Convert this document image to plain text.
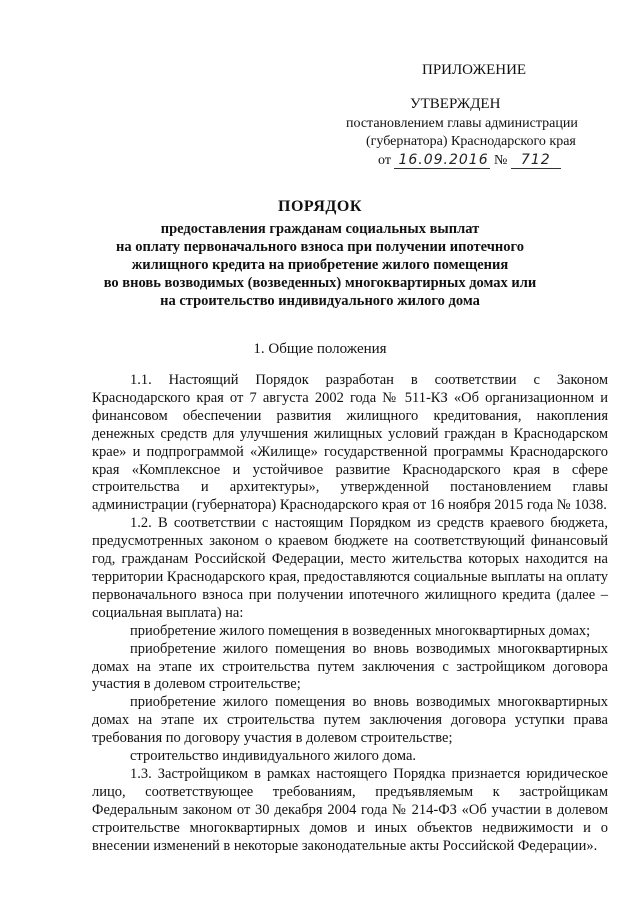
ПРИЛОЖЕНИЕ
УТВЕРЖДЕН
постановлением главы администрации
(губернатора) Краснодарского края
от 16.09.2016 № 712
ПОРЯДОК
предоставления гражданам социальных выплат
на оплату первоначального взноса при получении ипотечного
жилищного кредита на приобретение жилого помещения
во вновь возводимых (возведенных) многоквартирных домах или
на строительство индивидуального жилого дома
1. Общие положения

1.1. Настоящий Порядок разработан в соответствии с Законом Краснодарского края от 7 августа 2002 года № 511-КЗ «Об организационном и финансовом обеспечении развития жилищного кредитования, накопления денежных средств для улучшения жилищных условий граждан в Краснодарском крае» и подпрограммой «Жилище» государственной программы Краснодарского края «Комплексное и устойчивое развитие Краснодарского края в сфере строительства и архитектуры», утвержденной постановлением главы администрации (губернатора) Краснодарского края от 16 ноября 2015 года № 1038.

1.2. В соответствии с настоящим Порядком из средств краевого бюджета, предусмотренных законом о краевом бюджете на соответствующий финансовый год, гражданам Российской Федерации, место жительства которых находится на территории Краснодарского края, предоставляются социальные выплаты на оплату первоначального взноса при получении ипотечного жилищного кредита (далее – социальная выплата) на:

приобретение жилого помещения в возведенных многоквартирных домах;

приобретение жилого помещения во вновь возводимых многоквартирных домах на этапе их строительства путем заключения с застройщиком договора участия в долевом строительстве;

приобретение жилого помещения во вновь возводимых многоквартирных домах на этапе их строительства путем заключения договора уступки права требования по договору участия в долевом строительстве;

строительство индивидуального жилого дома.

1.3. Застройщиком в рамках настоящего Порядка признается юридическое лицо, соответствующее требованиям, предъявляемым к застройщикам Федеральным законом от 30 декабря 2004 года № 214-ФЗ «Об участии в долевом строительстве многоквартирных домов и иных объектов недвижимости и о внесении изменений в некоторые законодательные акты Российской Федерации».
